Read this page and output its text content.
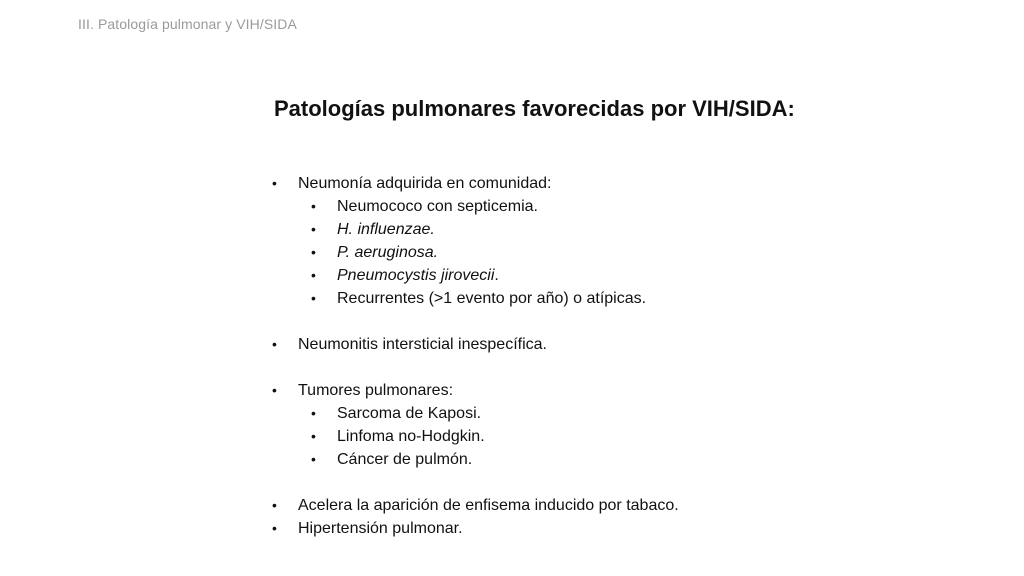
III. Patología pulmonar y VIH/SIDA
Patologías pulmonares favorecidas por VIH/SIDA:
• Neumonía adquirida en comunidad:
• Neumococo con septicemia.
• H. influenzae.
• P. aeruginosa.
• Pneumocystis jirovecii.
• Recurrentes (>1 evento por año) o atípicas.
• Neumonitis intersticial inespecífica.
• Tumores pulmonares:
• Sarcoma de Kaposi.
• Linfoma no-Hodgkin.
• Cáncer de pulmón.
• Acelera la aparición de enfisema inducido por tabaco.
• Hipertensión pulmonar.
